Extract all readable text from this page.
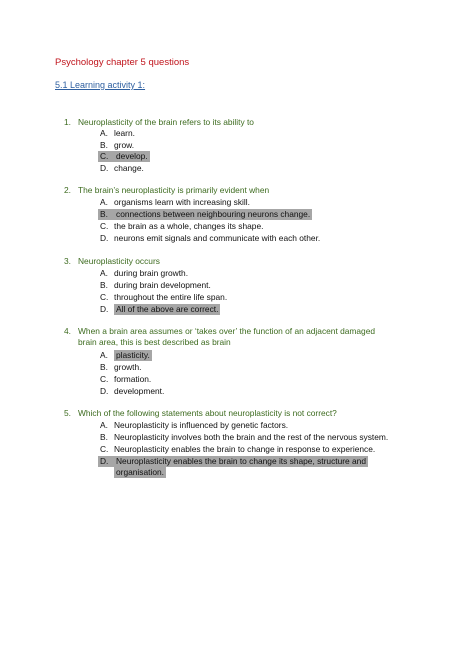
Psychology chapter 5 questions
5.1 Learning activity 1:
1. Neuroplasticity of the brain refers to its ability to
A. learn.
B. grow.
C. develop.
D. change.
2. The brain’s neuroplasticity is primarily evident when
A. organisms learn with increasing skill.
B. connections between neighbouring neurons change.
C. the brain as a whole, changes its shape.
D. neurons emit signals and communicate with each other.
3. Neuroplasticity occurs
A. during brain growth.
B. during brain development.
C. throughout the entire life span.
D. All of the above are correct.
4. When a brain area assumes or ‘takes over’ the function of an adjacent damaged
brain area, this is best described as brain
A. plasticity.
B. growth.
C. formation.
D. development.
5. Which of the following statements about neuroplasticity is not correct?
A. Neuroplasticity is influenced by genetic factors.
B. Neuroplasticity involves both the brain and the rest of the nervous system.
C. Neuroplasticity enables the brain to change in response to experience.
D. Neuroplasticity enables the brain to change its shape, structure and
organisation.
